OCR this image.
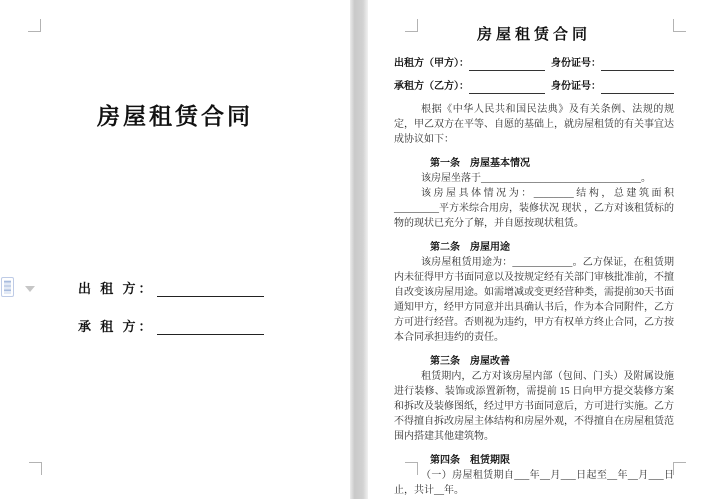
房屋租赁合同
出 租 方：
承 租 方：

房屋租赁合同

出租方（甲方）：	身份证号：
承租方（乙方）：	身份证号：

根据《中华人民共和国民法典》及有关条例、法规的规定，甲乙双方在平等、自愿的基础上，就房屋租赁的有关事宜达成协议如下：

第一条　房屋基本情况

该房屋坐落于________________________________。

该房屋具体情况为：________结构，总建筑面积_________平方米综合用房，装修状况 现状 ，乙方对该租赁标的物的现状已充分了解，并自愿按现状租赁。

第二条　房屋用途

该房屋租赁用途为：____________。乙方保证，在租赁期内未征得甲方书面同意以及按规定经有关部门审核批准前，不擅自改变该房屋用途。如需增减或变更经营种类，需提前30天书面通知甲方，经甲方同意并出具确认书后，作为本合同附件，乙方方可进行经营。否则视为违约，甲方有权单方终止合同，乙方按本合同承担违约的责任。

第三条　房屋改善

租赁期内，乙方对该房屋内部（包间、门头）及附属设施进行装修、装饰或添置新物，需提前 15 日向甲方提交装修方案和拆改及装修图纸，经过甲方书面同意后，方可进行实施。乙方不得擅自拆改房屋主体结构和房屋外观，不得擅自在房屋租赁范围内搭建其他建筑物。

第四条　租赁期限

（一）房屋租赁期自___年__月___日起至__年__月___日止，共计__年。
